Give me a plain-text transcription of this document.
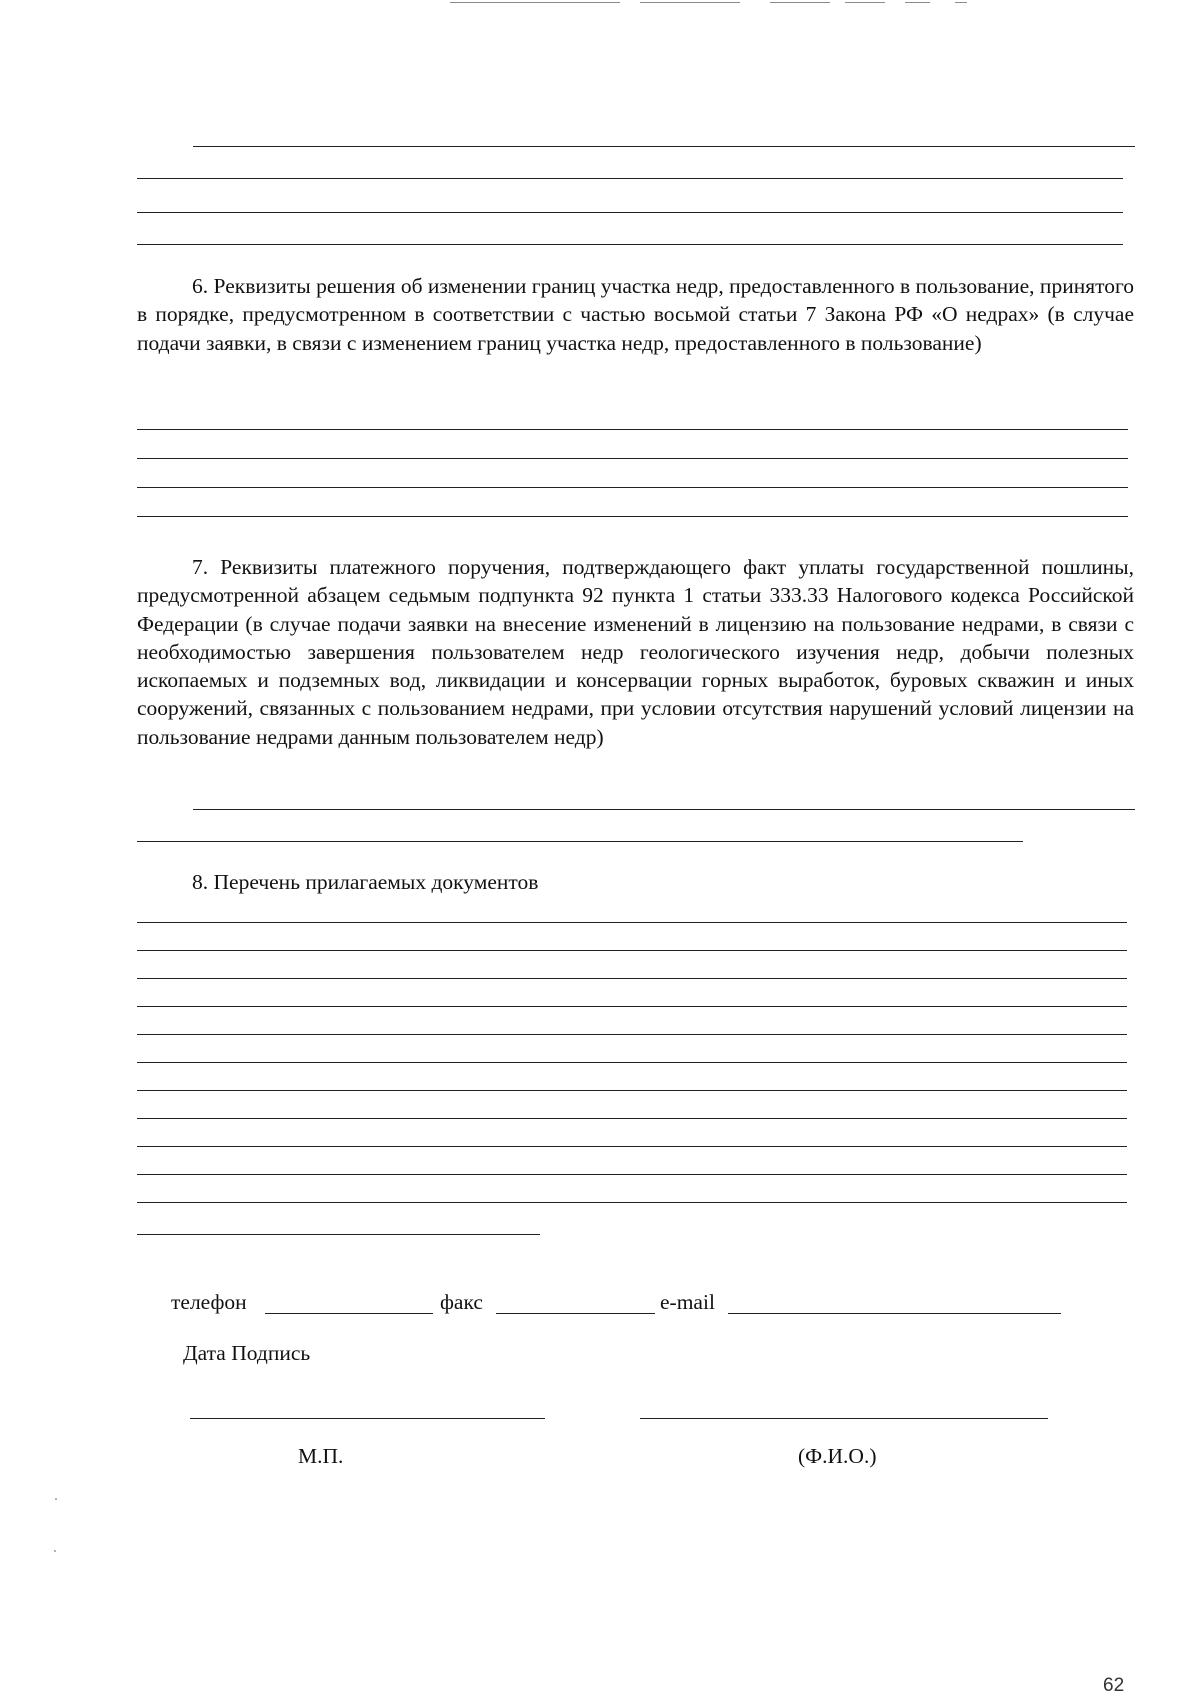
6. Реквизиты решения об изменении границ участка недр, предоставленного в пользование, принятого в порядке, предусмотренном в соответствии с частью восьмой статьи 7 Закона РФ «О недрах» (в случае подачи заявки, в связи с изменением границ участка недр, предоставленного в пользование)
7. Реквизиты платежного поручения, подтверждающего факт уплаты государственной пошлины, предусмотренной абзацем седьмым подпункта 92 пункта 1 статьи 333.33 Налогового кодекса Российской Федерации (в случае подачи заявки на внесение изменений в лицензию на пользование недрами, в связи с необходимостью завершения пользователем недр геологического изучения недр, добычи полезных ископаемых и подземных вод, ликвидации и консервации горных выработок, буровых скважин и иных сооружений, связанных с пользованием недрами, при условии отсутствия нарушений условий лицензии на пользование недрами данным пользователем недр)
8. Перечень прилагаемых документов
телефон	факс	e-mail
Дата Подпись
М.П.	(Ф.И.О.)
62
